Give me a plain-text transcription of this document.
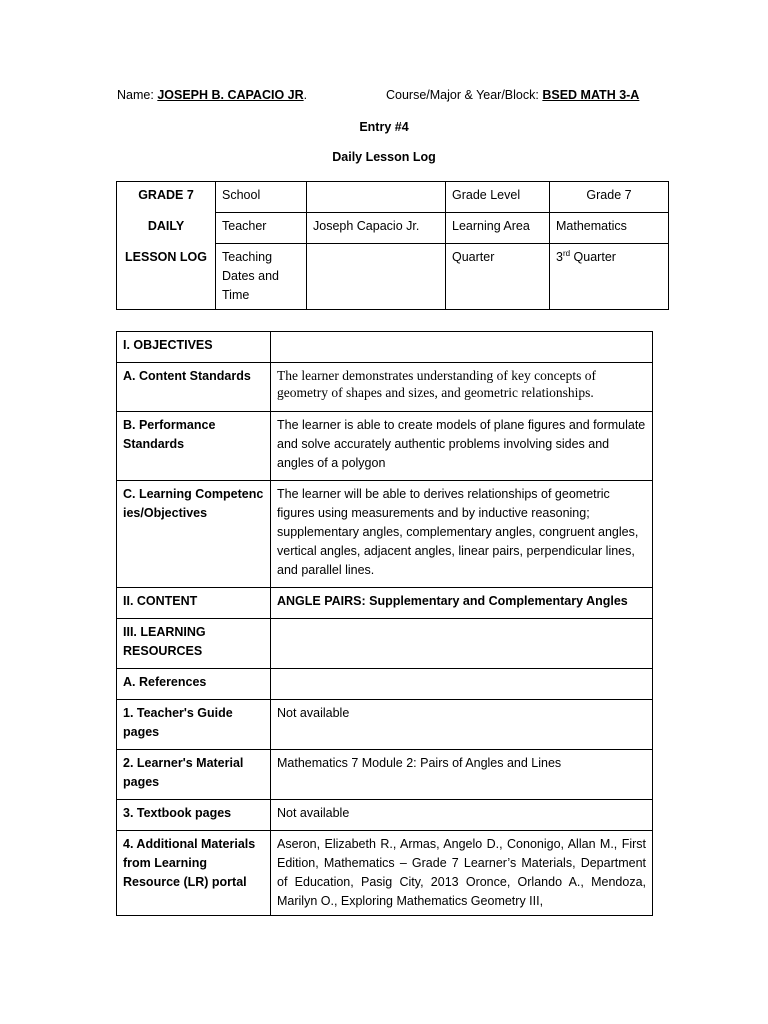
Name: JOSEPH B. CAPACIO JR.	Course/Major & Year/Block: BSED MATH 3-A
Entry #4
Daily Lesson Log
GRADE 7	School		Grade Level	Grade 7
DAILY	Teacher	Joseph Capacio Jr.	Learning Area	Mathematics
LESSON LOG	Teaching Dates and Time		Quarter	3rd Quarter
I. OBJECTIVES	
A. Content Standards	The learner demonstrates understanding of key concepts of geometry of shapes and sizes, and geometric relationships.
B. Performance Standards	The learner is able to create models of plane figures and formulate and solve accurately authentic problems involving sides and angles of a polygon
C. Learning Competencies/Objectives	The learner will be able to derives relationships of geometric figures using measurements and by inductive reasoning; supplementary angles, complementary angles, congruent angles, vertical angles, adjacent angles, linear pairs, perpendicular lines, and parallel lines.
II. CONTENT	ANGLE PAIRS: Supplementary and Complementary Angles
III. LEARNING RESOURCES	
A. References	
1. Teacher's Guide pages	Not available
2. Learner's Material pages	Mathematics 7 Module 2: Pairs of Angles and Lines
3. Textbook pages	Not available
4. Additional Materials from Learning Resource (LR) portal	Aseron, Elizabeth R., Armas, Angelo D., Cononigo, Allan M., First Edition, Mathematics – Grade 7 Learner’s Materials, Department of Education, Pasig City, 2013 Oronce, Orlando A., Mendoza, Marilyn O., Exploring Mathematics Geometry III,
